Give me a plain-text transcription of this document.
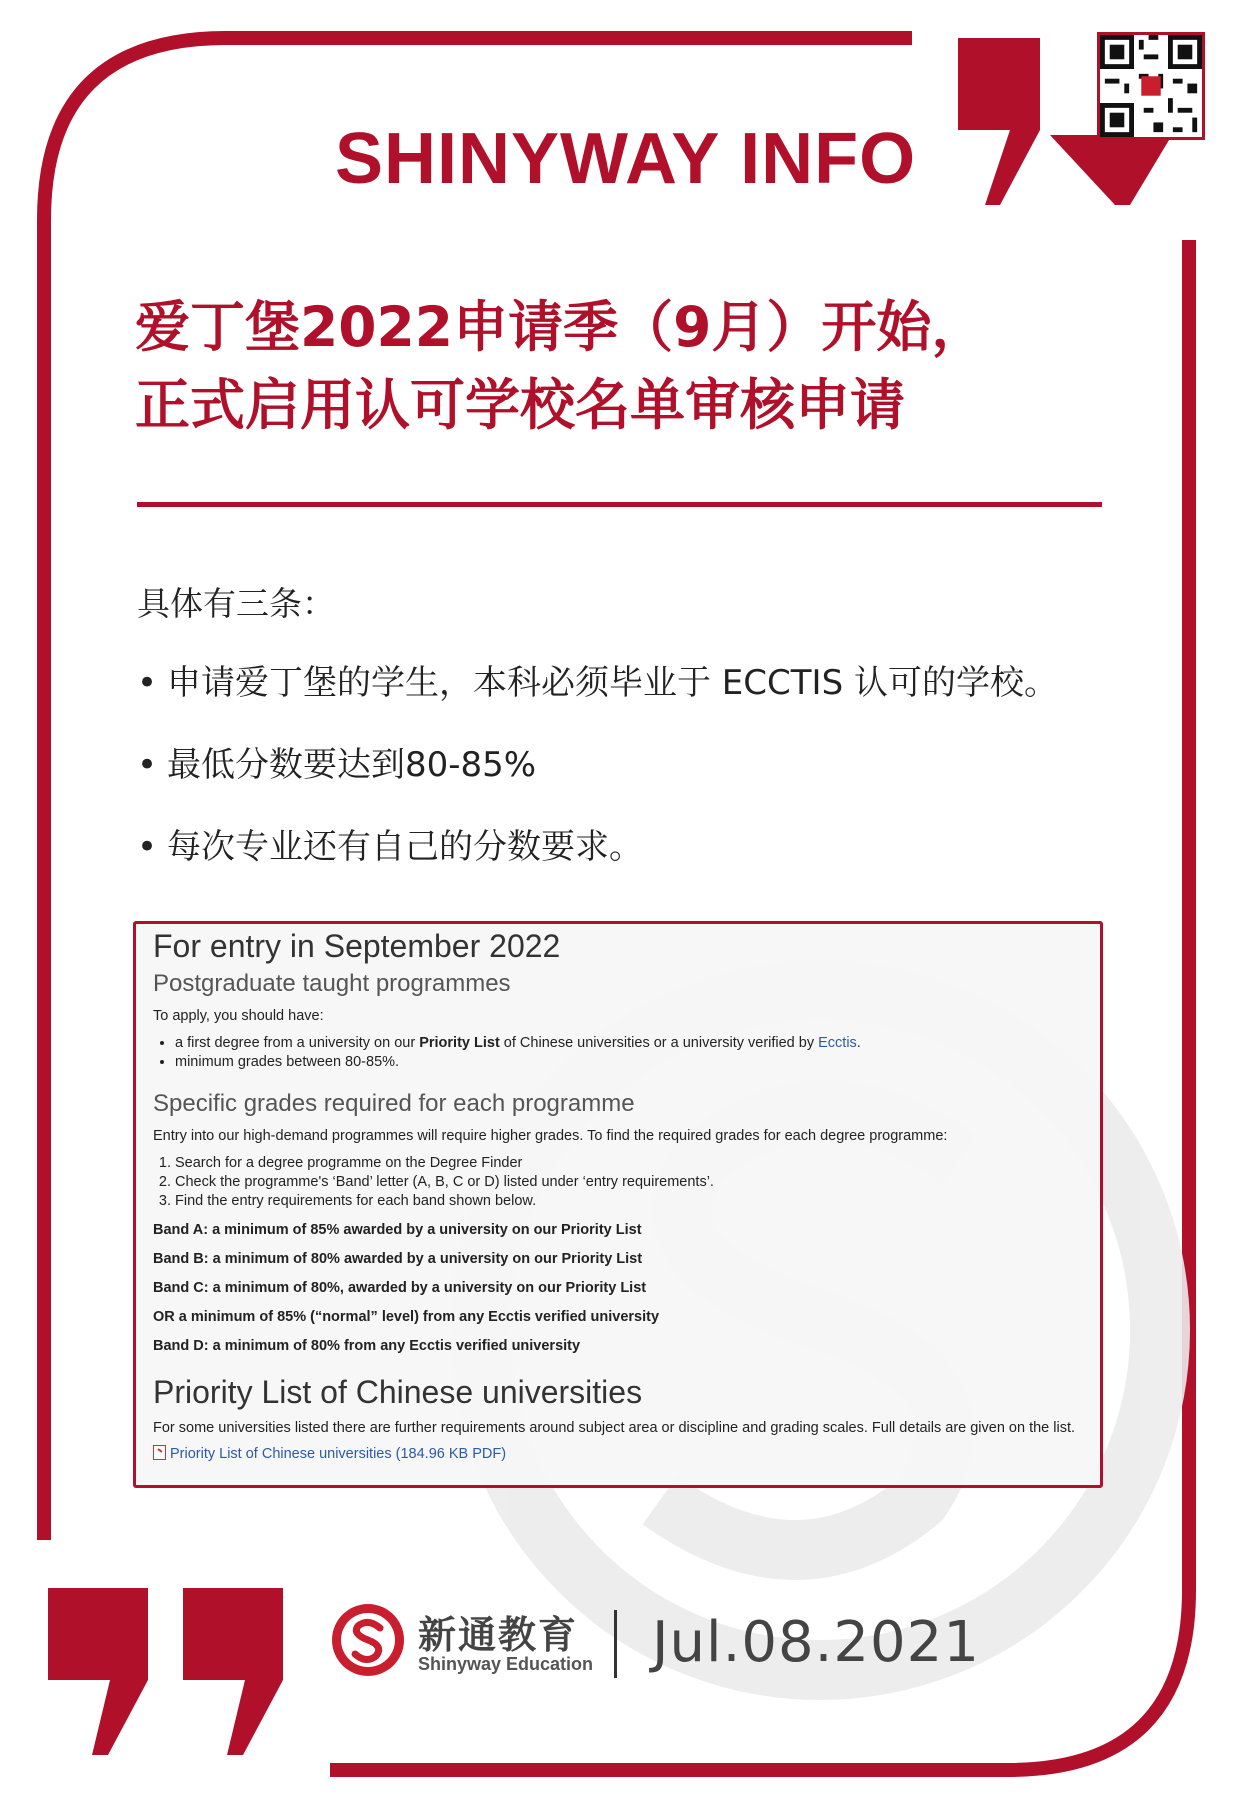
SHINYWAY INFO
爱丁堡2022申请季（9月）开始，
正式启用认可学校名单审核申请
具体有三条：
• 申请爱丁堡的学生，本科必须毕业于 ECCTIS 认可的学校。
• 最低分数要达到80-85%
• 每次专业还有自己的分数要求。
For entry in September 2022
Postgraduate taught programmes
To apply, you should have:
• a first degree from a university on our Priority List of Chinese universities or a university verified by Ecctis.
• minimum grades between 80-85%.
Specific grades required for each programme
Entry into our high-demand programmes will require higher grades. To find the required grades for each degree programme:
1. Search for a degree programme on the Degree Finder
2. Check the programme's ‘Band’ letter (A, B, C or D) listed under ‘entry requirements’.
3. Find the entry requirements for each band shown below.
Band A: a minimum of 85% awarded by a university on our Priority List
Band B: a minimum of 80% awarded by a university on our Priority List
Band C: a minimum of 80%, awarded by a university on our Priority List
OR a minimum of 85% (“normal” level) from any Ecctis verified university
Band D: a minimum of 80% from any Ecctis verified university
Priority List of Chinese universities
For some universities listed there are further requirements around subject area or discipline and grading scales. Full details are given on the list.
Priority List of Chinese universities (184.96 KB PDF)
新通教育
Shinyway Education Jul.08.2021
